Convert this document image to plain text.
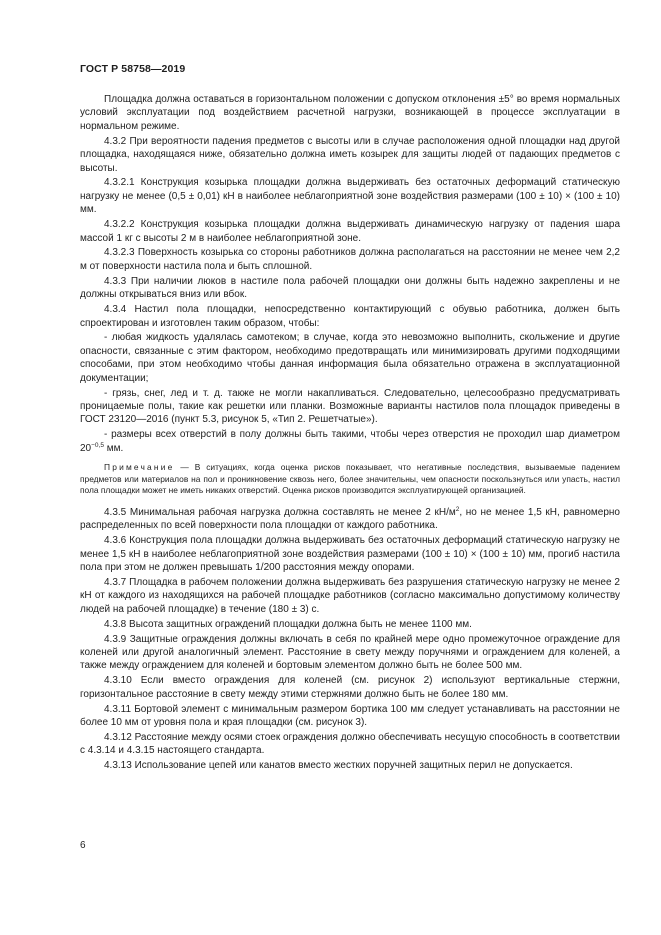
ГОСТ Р 58758—2019

Площадка должна оставаться в горизонтальном положении с допуском отклонения ±5° во время нормальных условий эксплуатации под воздействием расчетной нагрузки, возникающей в процессе эксплуатации в нормальном режиме.

4.3.2 При вероятности падения предметов с высоты или в случае расположения одной площадки над другой площадка, находящаяся ниже, обязательно должна иметь козырек для защиты людей от падающих предметов с высоты.

4.3.2.1 Конструкция козырька площадки должна выдерживать без остаточных деформаций статическую нагрузку не менее (0,5 ± 0,01) кН в наиболее неблагоприятной зоне воздействия размерами (100 ± 10) × (100 ± 10) мм.

4.3.2.2 Конструкция козырька площадки должна выдерживать динамическую нагрузку от падения шара массой 1 кг с высоты 2 м в наиболее неблагоприятной зоне.

4.3.2.3 Поверхность козырька со стороны работников должна располагаться на расстоянии не менее чем 2,2 м от поверхности настила пола и быть сплошной.

4.3.3 При наличии люков в настиле пола рабочей площадки они должны быть надежно закреплены и не должны открываться вниз или вбок.

4.3.4 Настил пола площадки, непосредственно контактирующий с обувью работника, должен быть спроектирован и изготовлен таким образом, чтобы:

- любая жидкость удалялась самотеком; в случае, когда это невозможно выполнить, скольжение и другие опасности, связанные с этим фактором, необходимо предотвращать или минимизировать другими подходящими способами, при этом необходимо чтобы данная информация была обязательно отражена в эксплуатационной документации;

- грязь, снег, лед и т. д. также не могли накапливаться. Следовательно, целесообразно предусматривать проницаемые полы, такие как решетки или планки. Возможные варианты настилов пола площадок приведены в ГОСТ 23120—2016 (пункт 5.3, рисунок 5, «Тип 2. Решетчатые»).

- размеры всех отверстий в полу должны быть такими, чтобы через отверстия не проходил шар диаметром $20^{-0,5}$ мм.

Примечание — В ситуациях, когда оценка рисков показывает, что негативные последствия, вызываемые падением предметов или материалов на пол и проникновение сквозь него, более значительны, чем опасности поскользнуться или упасть, настил пола площадки может не иметь никаких отверстий. Оценка рисков производится эксплуатирующей организацией.

4.3.5 Минимальная рабочая нагрузка должна составлять не менее 2 $кН/м^2$, но не менее 1,5 кН, равномерно распределенных по всей поверхности пола площадки от каждого работника.

4.3.6 Конструкция пола площадки должна выдерживать без остаточных деформаций статическую нагрузку не менее 1,5 кН в наиболее неблагоприятной зоне воздействия размерами (100 ± 10) × (100 ± 10) мм, прогиб настила пола при этом не должен превышать 1/200 расстояния между опорами.

4.3.7 Площадка в рабочем положении должна выдерживать без разрушения статическую нагрузку не менее 2 кН от каждого из находящихся на рабочей площадке работников (согласно максимально допустимому количеству людей на рабочей площадке) в течение (180 ± 3) с.

4.3.8 Высота защитных ограждений площадки должна быть не менее 1100 мм.

4.3.9 Защитные ограждения должны включать в себя по крайней мере одно промежуточное ограждение для коленей или другой аналогичный элемент. Расстояние в свету между поручнями и ограждением для коленей, а также между ограждением для коленей и бортовым элементом должно быть не более 500 мм.

4.3.10 Если вместо ограждения для коленей (см. рисунок 2) используют вертикальные стержни, горизонтальное расстояние в свету между этими стержнями должно быть не более 180 мм.

4.3.11 Бортовой элемент с минимальным размером бортика 100 мм следует устанавливать на расстоянии не более 10 мм от уровня пола и края площадки (см. рисунок 3).

4.3.12 Расстояние между осями стоек ограждения должно обеспечивать несущую способность в соответствии с 4.3.14 и 4.3.15 настоящего стандарта.

4.3.13 Использование цепей или канатов вместо жестких поручней защитных перил не допускается.

6
